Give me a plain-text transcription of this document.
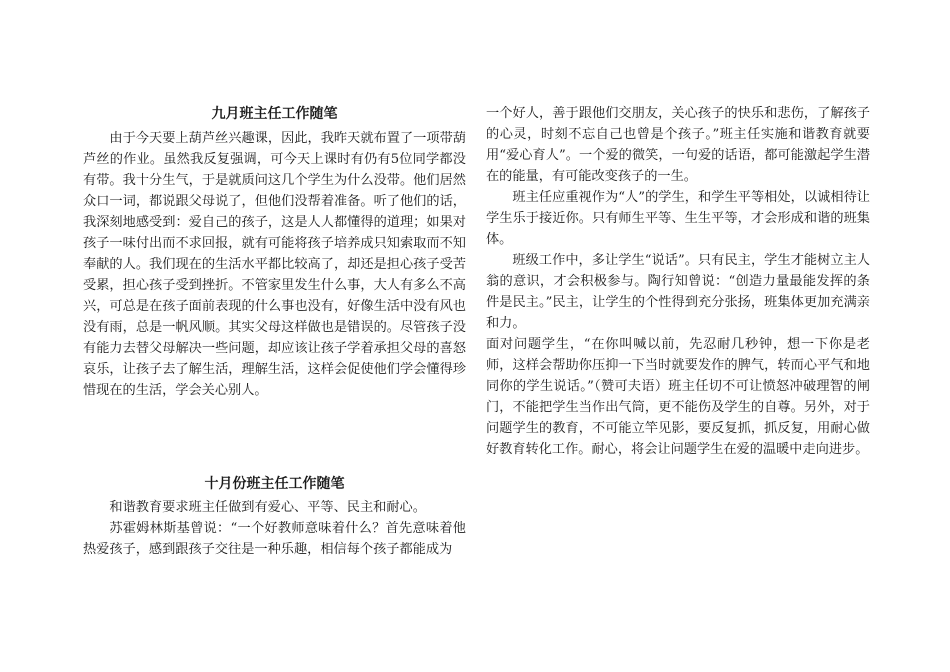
九月班主任工作随笔

由于今天要上葫芦丝兴趣课，因此，我昨天就布置了一项带葫芦丝的作业。虽然我反复强调，可今天上课时有仍有5位同学都没有带。我十分生气，于是就质问这几个学生为什么没带。他们居然众口一词，都说跟父母说了，但他们没帮着准备。听了他们的话，我深刻地感受到：爱自己的孩子，这是人人都懂得的道理；如果对孩子一味付出而不求回报，就有可能将孩子培养成只知索取而不知奉献的人。我们现在的生活水平都比较高了，却还是担心孩子受苦受累，担心孩子受到挫折。不管家里发生什么事，大人有多么不高兴，可总是在孩子面前表现的什么事也没有，好像生活中没有风也没有雨，总是一帆风顺。其实父母这样做也是错误的。尽管孩子没有能力去替父母解决一些问题，却应该让孩子学着承担父母的喜怒哀乐，让孩子去了解生活，理解生活，这样会促使他们学会懂得珍惜现在的生活，学会关心别人。

一个好人，善于跟他们交朋友，关心孩子的快乐和悲伤，了解孩子的心灵，时刻不忘自己也曾是个孩子。”班主任实施和谐教育就要用“爱心育人”。一个爱的微笑，一句爱的话语，都可能激起学生潜在的能量，有可能改变孩子的一生。

班主任应重视作为“人”的学生，和学生平等相处，以诚相待让学生乐于接近你。只有师生平等、生生平等，才会形成和谐的班集体。

班级工作中，多让学生“说话”。只有民主，学生才能树立主人翁的意识，才会积极参与。陶行知曾说：“创造力量最能发挥的条件是民主。”民主，让学生的个性得到充分张扬，班集体更加充满亲和力。

面对问题学生，“在你叫喊以前，先忍耐几秒钟，想一下你是老师，这样会帮助你压抑一下当时就要发作的脾气，转而心平气和地同你的学生说话。”（赞可夫语）班主任切不可让愤怒冲破理智的闸门，不能把学生当作出气筒，更不能伤及学生的自尊。另外，对于问题学生的教育，不可能立竿见影，要反复抓，抓反复，用耐心做好教育转化工作。耐心，将会让问题学生在爱的温暖中走向进步。

十月份班主任工作随笔

和谐教育要求班主任做到有爱心、平等、民主和耐心。

苏霍姆林斯基曾说：“一个好教师意味着什么？首先意味着他热爱孩子，感到跟孩子交往是一种乐趣，相信每个孩子都能成为
